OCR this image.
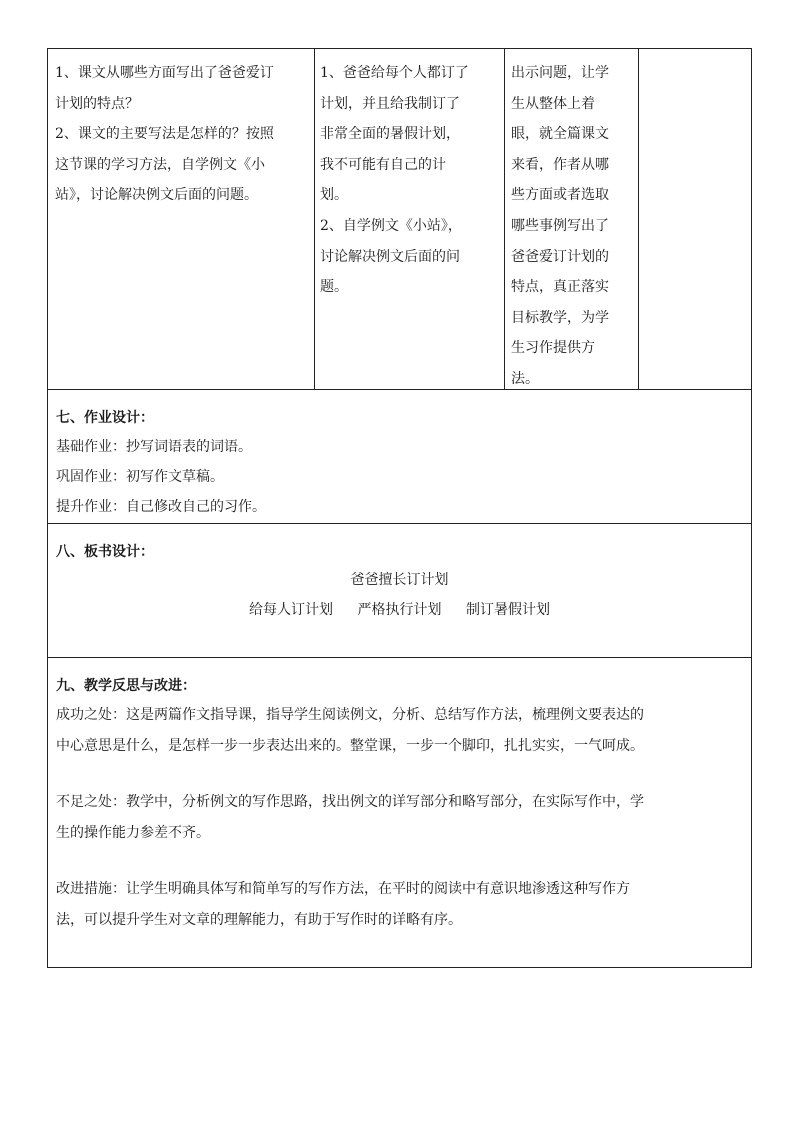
1、课文从哪些方面写出了爸爸爱订

计划的特点？

2、课文的主要写法是怎样的？按照

这节课的学习方法，自学例文《小

站》，讨论解决例文后面的问题。

1、爸爸给每个人都订了

计划，并且给我制订了

非常全面的暑假计划，

我不可能有自己的计

划。

2、自学例文《小站》，

讨论解决例文后面的问

题。

出示问题，让学

生从整体上着

眼，就全篇课文

来看，作者从哪

些方面或者选取

哪些事例写出了

爸爸爱订计划的

特点，真正落实

目标教学，为学

生习作提供方

法。

七、作业设计：

基础作业：抄写词语表的词语。

巩固作业：初写作文草稿。

提升作业：自己修改自己的习作。

八、板书设计：
爸爸擅长订计划
给每人订计划 严格执行计划 制订暑假计划
九、教学反思与改进：

成功之处：这是两篇作文指导课，指导学生阅读例文，分析、总结写作方法，梳理例文要表达的

中心意思是什么，是怎样一步一步表达出来的。整堂课，一步一个脚印，扎扎实实，一气呵成。

不足之处：教学中，分析例文的写作思路，找出例文的详写部分和略写部分，在实际写作中，学

生的操作能力参差不齐。

改进措施：让学生明确具体写和简单写的写作方法，在平时的阅读中有意识地渗透这种写作方

法，可以提升学生对文章的理解能力，有助于写作时的详略有序。
